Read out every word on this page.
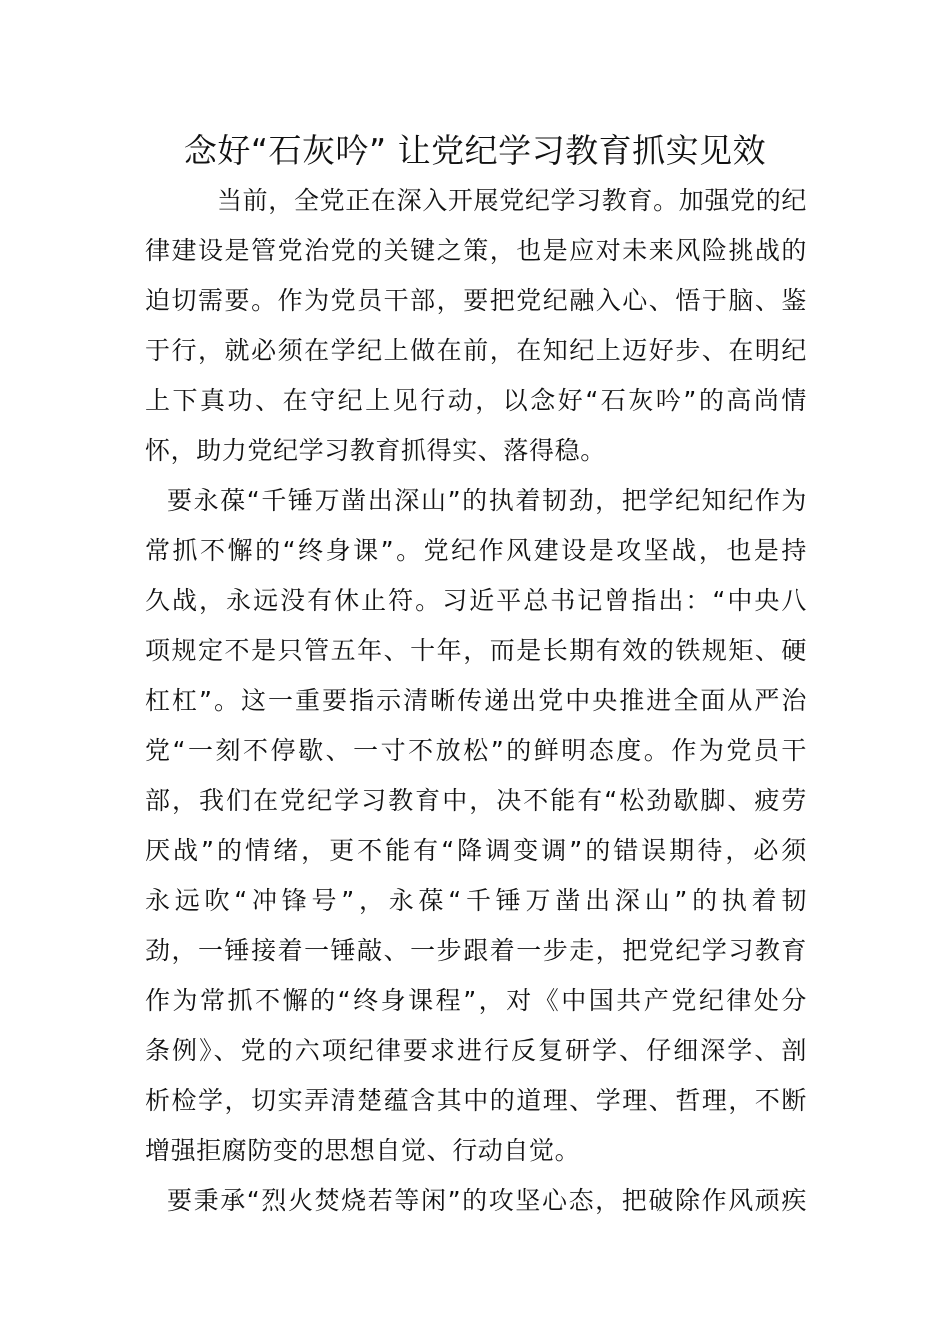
念好“石灰吟” 让党纪学习教育抓实见效
当前，全党正在深入开展党纪学习教育。加强党的纪
律建设是管党治党的关键之策，也是应对未来风险挑战的
迫切需要。作为党员干部，要把党纪融入心、悟于脑、鉴
于行，就必须在学纪上做在前，在知纪上迈好步、在明纪
上下真功、在守纪上见行动，以念好“石灰吟”的高尚情
怀，助力党纪学习教育抓得实、落得稳。
要永葆“千锤万凿出深山”的执着韧劲，把学纪知纪作为
常抓不懈的“终身课”。党纪作风建设是攻坚战，也是持
久战，永远没有休止符。习近平总书记曾指出：“中央八
项规定不是只管五年、十年，而是长期有效的铁规矩、硬
杠杠”。这一重要指示清晰传递出党中央推进全面从严治
党“一刻不停歇、一寸不放松”的鲜明态度。作为党员干
部，我们在党纪学习教育中，决不能有“松劲歇脚、疲劳
厌战”的情绪，更不能有“降调变调”的错误期待，必须
永远吹“冲锋号”，永葆“千锤万凿出深山”的执着韧
劲，一锤接着一锤敲、一步跟着一步走，把党纪学习教育
作为常抓不懈的“终身课程”，对《中国共产党纪律处分
条例》、党的六项纪律要求进行反复研学、仔细深学、剖
析检学，切实弄清楚蕴含其中的道理、学理、哲理，不断
增强拒腐防变的思想自觉、行动自觉。
要秉承“烈火焚烧若等闲”的攻坚心态，把破除作风顽疾
